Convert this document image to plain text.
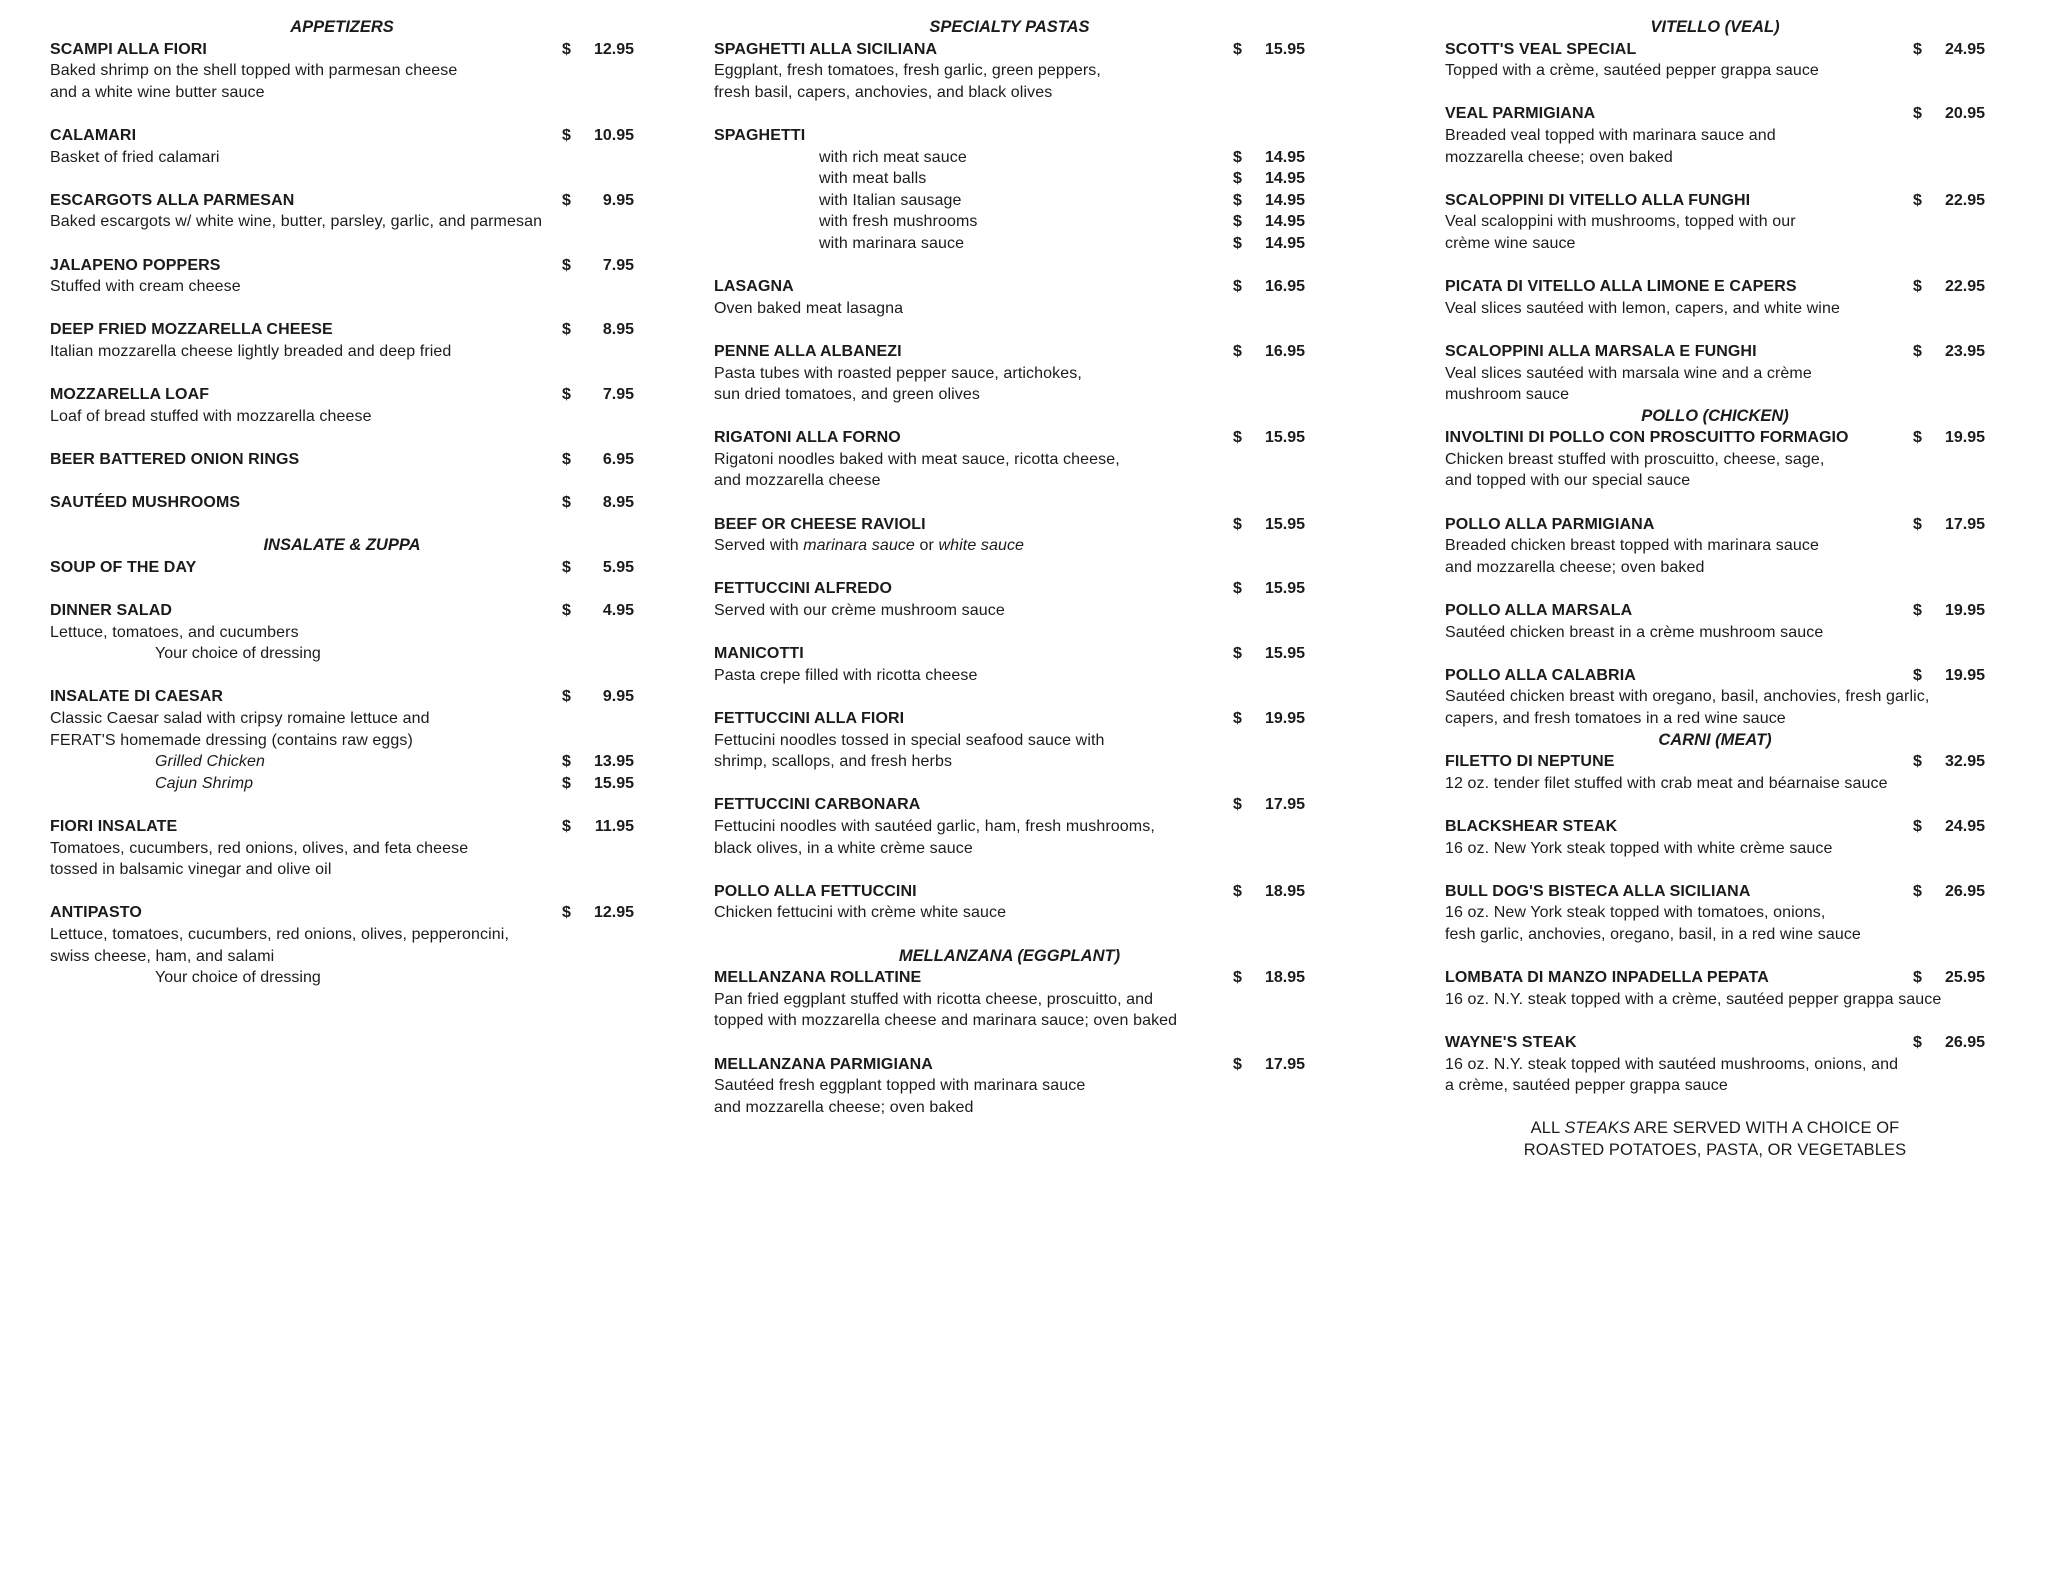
APPETIZERS
SCAMPI ALLA FIORI	$ 12.95
Baked shrimp on the shell topped with parmesan cheese
and a white wine butter sauce
CALAMARI	$ 10.95
Basket of fried calamari
ESCARGOTS ALLA PARMESAN	$ 9.95
Baked escargots w/ white wine, butter, parsley, garlic, and parmesan
JALAPENO POPPERS	$ 7.95
Stuffed with cream cheese
DEEP FRIED MOZZARELLA CHEESE	$ 8.95
Italian mozzarella cheese lightly breaded and deep fried
MOZZARELLA LOAF	$ 7.95
Loaf of bread stuffed with mozzarella cheese
BEER BATTERED ONION RINGS	$ 6.95
SAUTÉED MUSHROOMS	$ 8.95
INSALATE & ZUPPA
SOUP OF THE DAY	$ 5.95
DINNER SALAD	$ 4.95
Lettuce, tomatoes, and cucumbers
Your choice of dressing
INSALATE DI CAESAR	$ 9.95
Classic Caesar salad with cripsy romaine lettuce and
FERAT'S homemade dressing (contains raw eggs)
Grilled Chicken	$ 13.95
Cajun Shrimp	$ 15.95
FIORI INSALATE	$ 11.95
Tomatoes, cucumbers, red onions, olives, and feta cheese
tossed in balsamic vinegar and olive oil
ANTIPASTO	$ 12.95
Lettuce, tomatoes, cucumbers, red onions, olives, pepperoncini,
swiss cheese, ham, and salami
Your choice of dressing
SPECIALTY PASTAS
SPAGHETTI ALLA SICILIANA	$ 15.95
Eggplant, fresh tomatoes, fresh garlic, green peppers,
fresh basil, capers, anchovies, and black olives
SPAGHETTI
with rich meat sauce	$ 14.95
with meat balls	$ 14.95
with Italian sausage	$ 14.95
with fresh mushrooms	$ 14.95
with marinara sauce	$ 14.95
LASAGNA	$ 16.95
Oven baked meat lasagna
PENNE ALLA ALBANEZI	$ 16.95
Pasta tubes with roasted pepper sauce, artichokes,
sun dried tomatoes, and green olives
RIGATONI ALLA FORNO	$ 15.95
Rigatoni noodles baked with meat sauce, ricotta cheese,
and mozzarella cheese
BEEF OR CHEESE RAVIOLI	$ 15.95
Served with marinara sauce or white sauce
FETTUCCINI ALFREDO	$ 15.95
Served with our crème mushroom sauce
MANICOTTI	$ 15.95
Pasta crepe filled with ricotta cheese
FETTUCCINI ALLA FIORI	$ 19.95
Fettucini noodles tossed in special seafood sauce with
shrimp, scallops, and fresh herbs
FETTUCCINI CARBONARA	$ 17.95
Fettucini noodles with sautéed garlic, ham, fresh mushrooms,
black olives, in a white crème sauce
POLLO ALLA FETTUCCINI	$ 18.95
Chicken fettucini with crème white sauce
MELLANZANA (EGGPLANT)
MELLANZANA ROLLATINE	$ 18.95
Pan fried eggplant stuffed with ricotta cheese, proscuitto, and
topped with mozzarella cheese and marinara sauce; oven baked
MELLANZANA PARMIGIANA	$ 17.95
Sautéed fresh eggplant topped with marinara sauce
and mozzarella cheese; oven baked
VITELLO (VEAL)
SCOTT'S VEAL SPECIAL	$ 24.95
Topped with a crème, sautéed pepper grappa sauce
VEAL PARMIGIANA	$ 20.95
Breaded veal topped with marinara sauce and
mozzarella cheese; oven baked
SCALOPPINI DI VITELLO ALLA FUNGHI	$ 22.95
Veal scaloppini with mushrooms, topped with our
crème wine sauce
PICATA DI VITELLO ALLA LIMONE E CAPERS	$ 22.95
Veal slices sautéed with lemon, capers, and white wine
SCALOPPINI ALLA MARSALA E FUNGHI	$ 23.95
Veal slices sautéed with marsala wine and a crème
mushroom sauce
POLLO (CHICKEN)
INVOLTINI DI POLLO CON PROSCUITTO FORMAGIO	$ 19.95
Chicken breast stuffed with proscuitto, cheese, sage,
and topped with our special sauce
POLLO ALLA PARMIGIANA	$ 17.95
Breaded chicken breast topped with marinara sauce
and mozzarella cheese; oven baked
POLLO ALLA MARSALA	$ 19.95
Sautéed chicken breast in a crème mushroom sauce
POLLO ALLA CALABRIA	$ 19.95
Sautéed chicken breast with oregano, basil, anchovies, fresh garlic,
capers, and fresh tomatoes in a red wine sauce
CARNI (MEAT)
FILETTO DI NEPTUNE	$ 32.95
12 oz. tender filet stuffed with crab meat and béarnaise sauce
BLACKSHEAR STEAK	$ 24.95
16 oz. New York steak topped with white crème sauce
BULL DOG'S BISTECA ALLA SICILIANA	$ 26.95
16 oz. New York steak topped with tomatoes, onions,
fesh garlic, anchovies, oregano, basil, in a red wine sauce
LOMBATA DI MANZO INPADELLA PEPATA	$ 25.95
16 oz. N.Y. steak topped with a crème, sautéed pepper grappa sauce
WAYNE'S STEAK	$ 26.95
16 oz. N.Y. steak topped with sautéed mushrooms, onions, and
a crème, sautéed pepper grappa sauce
ALL STEAKS ARE SERVED WITH A CHOICE OF
ROASTED POTATOES, PASTA, OR VEGETABLES
